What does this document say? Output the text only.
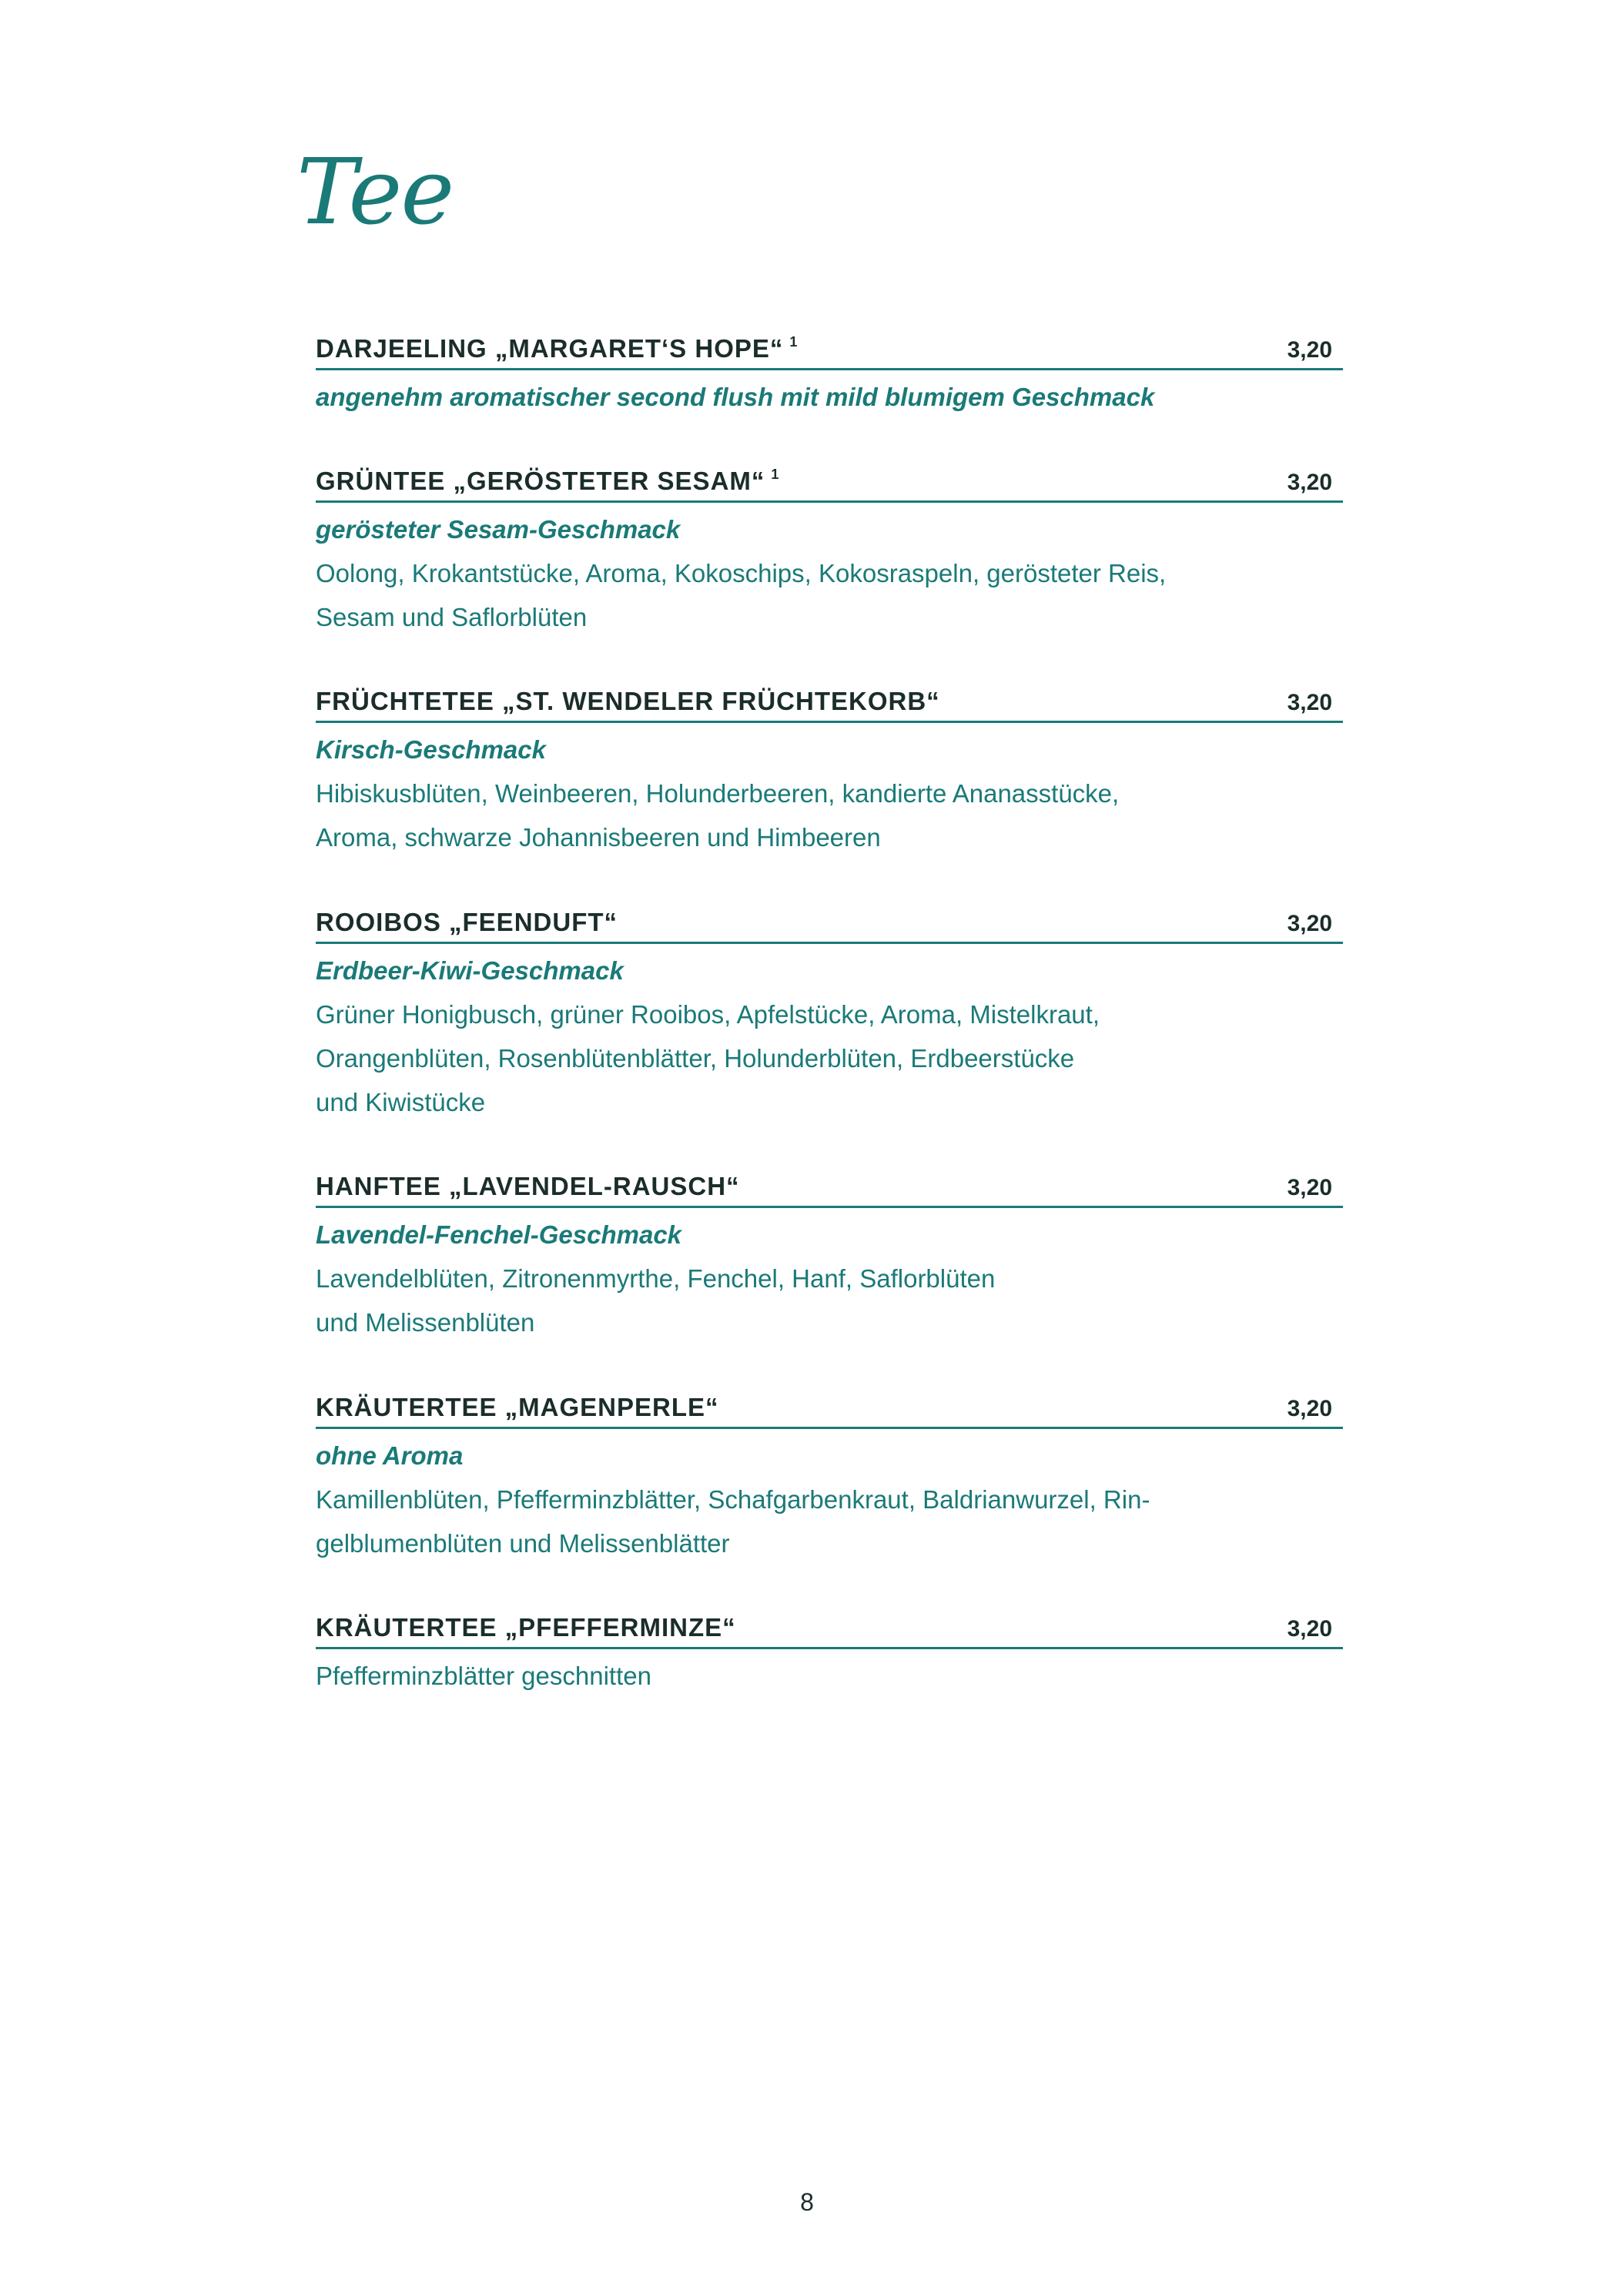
Tee
DARJEELING „MARGARET‘S HOPE“ $^1$	3,20
angenehm aromatischer second flush mit mild blumigem Geschmack
GRÜNTEE „GERÖSTETER SESAM“ $^1$	3,20
gerösteter Sesam-Geschmack
Oolong, Krokantstücke, Aroma, Kokoschips, Kokosraspeln, gerösteter Reis,
Sesam und Saflorblüten
FRÜCHTETEE „ST. WENDELER FRÜCHTEKORB“	3,20
Kirsch-Geschmack
Hibiskusblüten, Weinbeeren, Holunderbeeren, kandierte Ananasstücke,
Aroma, schwarze Johannisbeeren und Himbeeren
ROOIBOS „FEENDUFT“	3,20
Erdbeer-Kiwi-Geschmack
Grüner Honigbusch, grüner Rooibos, Apfelstücke, Aroma, Mistelkraut,
Orangenblüten, Rosenblütenblätter, Holunderblüten, Erdbeerstücke
und Kiwistücke
HANFTEE „LAVENDEL-RAUSCH“	3,20
Lavendel-Fenchel-Geschmack
Lavendelblüten, Zitronenmyrthe, Fenchel, Hanf, Saflorblüten
und Melissenblüten
KRÄUTERTEE „MAGENPERLE“	3,20
ohne Aroma
Kamillenblüten, Pfefferminzblätter, Schafgarbenkraut, Baldrianwurzel, Rin-
gelblumenblüten und Melissenblätter
KRÄUTERTEE „PFEFFERMINZE“	3,20
Pfefferminzblätter geschnitten
8
